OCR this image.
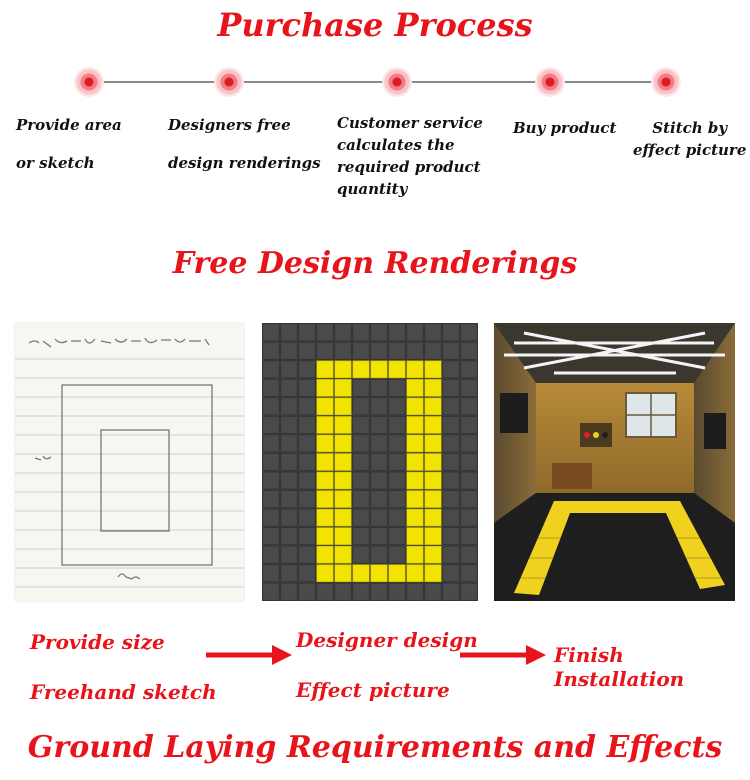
Purchase Process
Provide area
or sketch
Designers free
design renderings
Customer service
calculates the
required product
quantity
Buy product	Stitch by
effect picture
Free Design Renderings
Provide size
Freehand sketch
Designer design
Effect picture
Finish Installation
Ground Laying Requirements and Effects
